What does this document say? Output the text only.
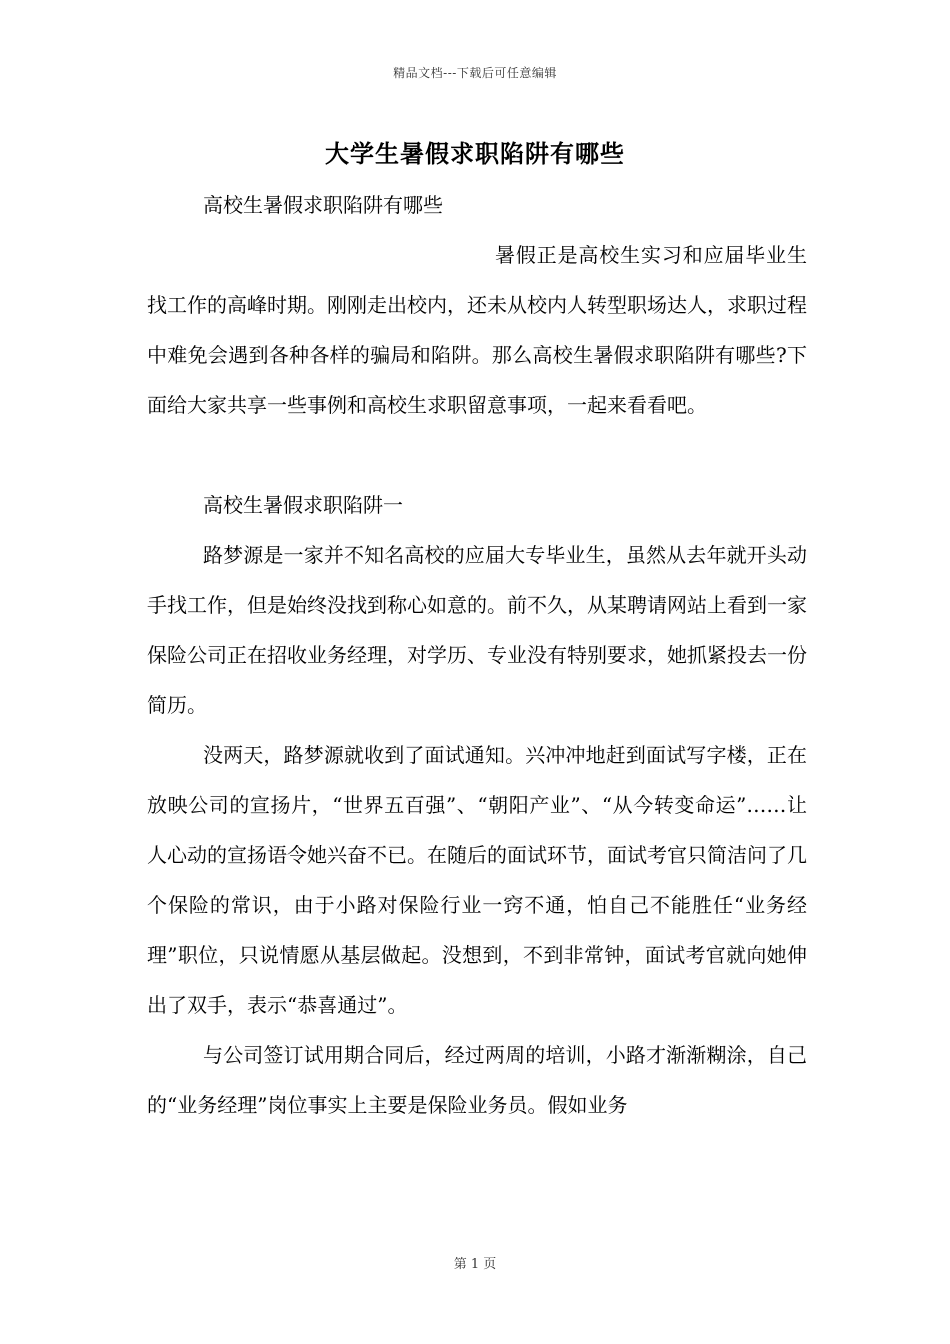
精品文档---下载后可任意编辑
大学生暑假求职陷阱有哪些

高校生暑假求职陷阱有哪些

暑假正是高校生实习和应届毕业生找工作的高峰时期。刚刚走出校内，还未从校内人转型职场达人，求职过程中难免会遇到各种各样的骗局和陷阱。那么高校生暑假求职陷阱有哪些?下面给大家共享一些事例和高校生求职留意事项，一起来看看吧。

高校生暑假求职陷阱一

路梦源是一家并不知名高校的应届大专毕业生，虽然从去年就开头动手找工作，但是始终没找到称心如意的。前不久，从某聘请网站上看到一家保险公司正在招收业务经理，对学历、专业没有特别要求，她抓紧投去一份简历。

没两天，路梦源就收到了面试通知。兴冲冲地赶到面试写字楼，正在放映公司的宣扬片，“世界五百强”、“朝阳产业”、“从今转变命运”……让人心动的宣扬语令她兴奋不已。在随后的面试环节，面试考官只简洁问了几个保险的常识，由于小路对保险行业一窍不通，怕自己不能胜任“业务经理”职位，只说情愿从基层做起。没想到，不到非常钟，面试考官就向她伸出了双手，表示“恭喜通过”。

与公司签订试用期合同后，经过两周的培训，小路才渐渐糊涂，自己的“业务经理”岗位事实上主要是保险业务员。假如业务

第 1 页
